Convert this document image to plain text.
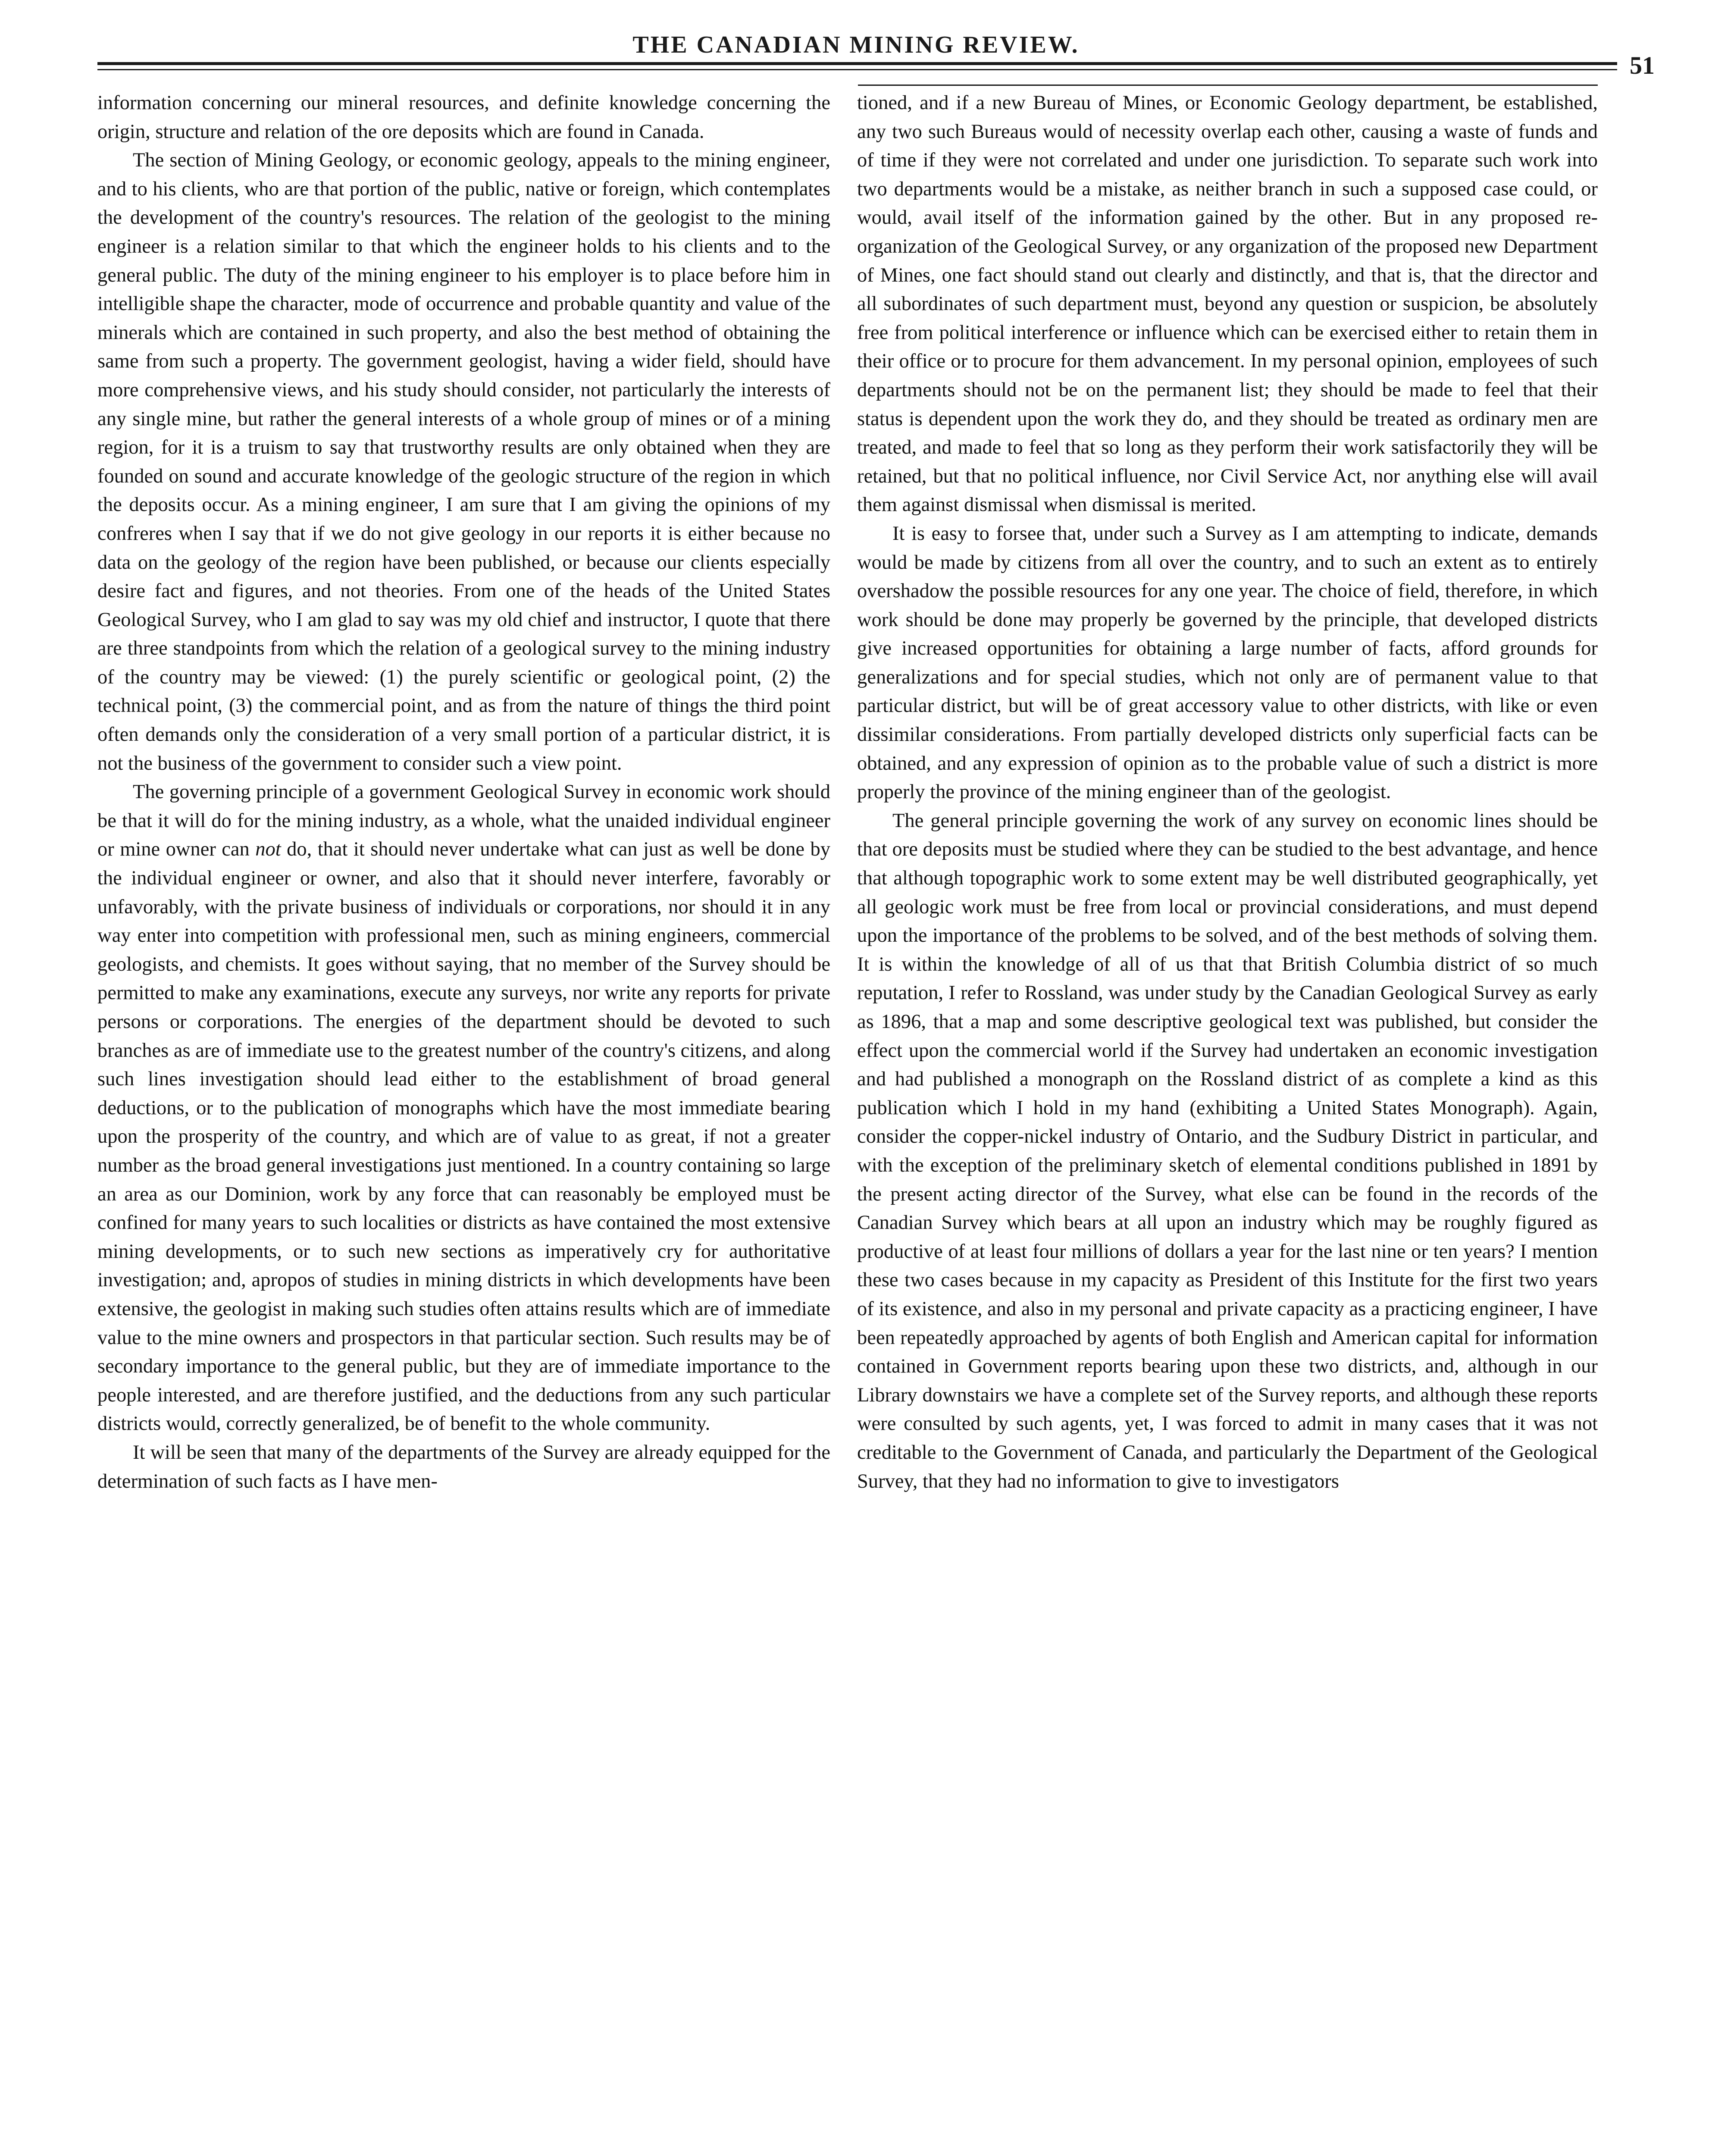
THE CANADIAN MINING REVIEW.
51

information concerning our mineral resources, and definite knowledge concerning the origin, structure and relation of the ore deposits which are found in Canada.

The section of Mining Geology, or economic geology, appeals to the mining engineer, and to his clients, who are that portion of the public, native or foreign, which contemplates the development of the country's resources. The relation of the geologist to the mining engineer is a relation similar to that which the engineer holds to his clients and to the general public. The duty of the mining engineer to his employer is to place before him in intelligible shape the character, mode of occurrence and probable quantity and value of the minerals which are contained in such property, and also the best method of obtaining the same from such a property. The government geologist, having a wider field, should have more comprehensive views, and his study should consider, not particularly the interests of any single mine, but rather the general interests of a whole group of mines or of a mining region, for it is a truism to say that trustworthy results are only obtained when they are founded on sound and accurate knowledge of the geologic structure of the region in which the deposits occur. As a mining engineer, I am sure that I am giving the opinions of my confreres when I say that if we do not give geology in our reports it is either because no data on the geology of the region have been published, or because our clients especially desire fact and figures, and not theories. From one of the heads of the United States Geological Survey, who I am glad to say was my old chief and instructor, I quote that there are three standpoints from which the relation of a geological survey to the mining industry of the country may be viewed: (1) the purely scientific or geological point, (2) the technical point, (3) the commercial point, and as from the nature of things the third point often demands only the consideration of a very small portion of a particular district, it is not the business of the government to consider such a view point.

The governing principle of a government Geological Survey in economic work should be that it will do for the mining industry, as a whole, what the unaided individual engineer or mine owner can not do, that it should never undertake what can just as well be done by the individual engineer or owner, and also that it should never interfere, favorably or unfavorably, with the private business of individuals or corporations, nor should it in any way enter into competition with professional men, such as mining engineers, commercial geologists, and chemists. It goes without saying, that no member of the Survey should be permitted to make any examinations, execute any surveys, nor write any reports for private persons or corporations. The energies of the department should be devoted to such branches as are of immediate use to the greatest number of the country's citizens, and along such lines investigation should lead either to the establishment of broad general deductions, or to the publication of monographs which have the most immediate bearing upon the prosperity of the country, and which are of value to as great, if not a greater number as the broad general investigations just mentioned. In a country containing so large an area as our Dominion, work by any force that can reasonably be employed must be confined for many years to such localities or districts as have contained the most extensive mining developments, or to such new sections as imperatively cry for authoritative investigation; and, apropos of studies in mining districts in which developments have been extensive, the geologist in making such studies often attains results which are of immediate value to the mine owners and prospectors in that particular section. Such results may be of secondary importance to the general public, but they are of immediate importance to the people interested, and are therefore justified, and the deductions from any such particular districts would, correctly generalized, be of benefit to the whole community.

It will be seen that many of the departments of the Survey are already equipped for the determination of such facts as I have men-

tioned, and if a new Bureau of Mines, or Economic Geology department, be established, any two such Bureaus would of necessity overlap each other, causing a waste of funds and of time if they were not correlated and under one jurisdiction. To separate such work into two departments would be a mistake, as neither branch in such a supposed case could, or would, avail itself of the information gained by the other. But in any proposed re-organization of the Geological Survey, or any organization of the proposed new Department of Mines, one fact should stand out clearly and distinctly, and that is, that the director and all subordinates of such department must, beyond any question or suspicion, be absolutely free from political interference or influence which can be exercised either to retain them in their office or to procure for them advancement. In my personal opinion, employees of such departments should not be on the permanent list; they should be made to feel that their status is dependent upon the work they do, and they should be treated as ordinary men are treated, and made to feel that so long as they perform their work satisfactorily they will be retained, but that no political influence, nor Civil Service Act, nor anything else will avail them against dismissal when dismissal is merited.

It is easy to forsee that, under such a Survey as I am attempting to indicate, demands would be made by citizens from all over the country, and to such an extent as to entirely overshadow the possible resources for any one year. The choice of field, therefore, in which work should be done may properly be governed by the principle, that developed districts give increased opportunities for obtaining a large number of facts, afford grounds for generalizations and for special studies, which not only are of permanent value to that particular district, but will be of great accessory value to other districts, with like or even dissimilar considerations. From partially developed districts only superficial facts can be obtained, and any expression of opinion as to the probable value of such a district is more properly the province of the mining engineer than of the geologist.

The general principle governing the work of any survey on economic lines should be that ore deposits must be studied where they can be studied to the best advantage, and hence that although topographic work to some extent may be well distributed geographically, yet all geologic work must be free from local or provincial considerations, and must depend upon the importance of the problems to be solved, and of the best methods of solving them. It is within the knowledge of all of us that that British Columbia district of so much reputation, I refer to Rossland, was under study by the Canadian Geological Survey as early as 1896, that a map and some descriptive geological text was published, but consider the effect upon the commercial world if the Survey had undertaken an economic investigation and had published a monograph on the Rossland district of as complete a kind as this publication which I hold in my hand (exhibiting a United States Monograph). Again, consider the copper-nickel industry of Ontario, and the Sudbury District in particular, and with the exception of the preliminary sketch of elemental conditions published in 1891 by the present acting director of the Survey, what else can be found in the records of the Canadian Survey which bears at all upon an industry which may be roughly figured as productive of at least four millions of dollars a year for the last nine or ten years? I mention these two cases because in my capacity as President of this Institute for the first two years of its existence, and also in my personal and private capacity as a practicing engineer, I have been repeatedly approached by agents of both English and American capital for information contained in Government reports bearing upon these two districts, and, although in our Library downstairs we have a complete set of the Survey reports, and although these reports were consulted by such agents, yet, I was forced to admit in many cases that it was not creditable to the Government of Canada, and particularly the Department of the Geological Survey, that they had no information to give to investigators
